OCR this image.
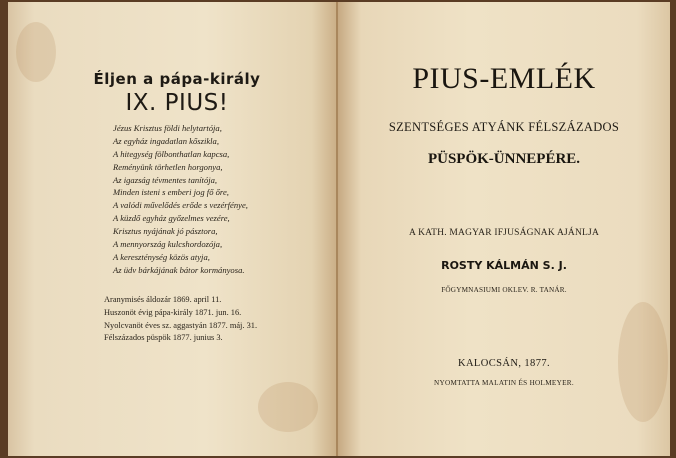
Éljen a pápa-király
IX. PIUS!
Jézus Krisztus földi helytartója,
Az egyház ingadatlan kősziklа,
A hitegység fölbonthatlan kapcsa,
Reményünk törhetlen horgonya,
Az igazság tévmentes tanítója,
Minden isteni s emberi jog fő őre,
A valódi művelődés erőde s vezérfénye,
A küzdő egyház győzelmes vezére,
Krisztus nyájának jó pásztora,
A mennyország kulcshordozója,
A kereszténység közös atyja,
Az üdv bárkájának bátor kormányosa.
Aranymisés áldozár 1869. april 11.
Huszonöt évig pápa-király 1871. jun. 16.
Nyolcvanöt éves sz. aggastyán 1877. máj. 31.
Félszázados püspök 1877. junius 3.
PIUS-EMLÉK
SZENTSÉGES ATYÁNK FÉLSZÁZADOS
PÜSPÖK-ÜNNEPÉRE.
A KATH. MAGYAR IFJUSÁGNAK AJÁNLJA
ROSTY KÁLMÁN S. J.
FŐGYMNASIUMI OKLEV. R. TANÁR.
KALOCSÁN, 1877.
NYOMTATTA MALATIN ÉS HOLMEYER.
